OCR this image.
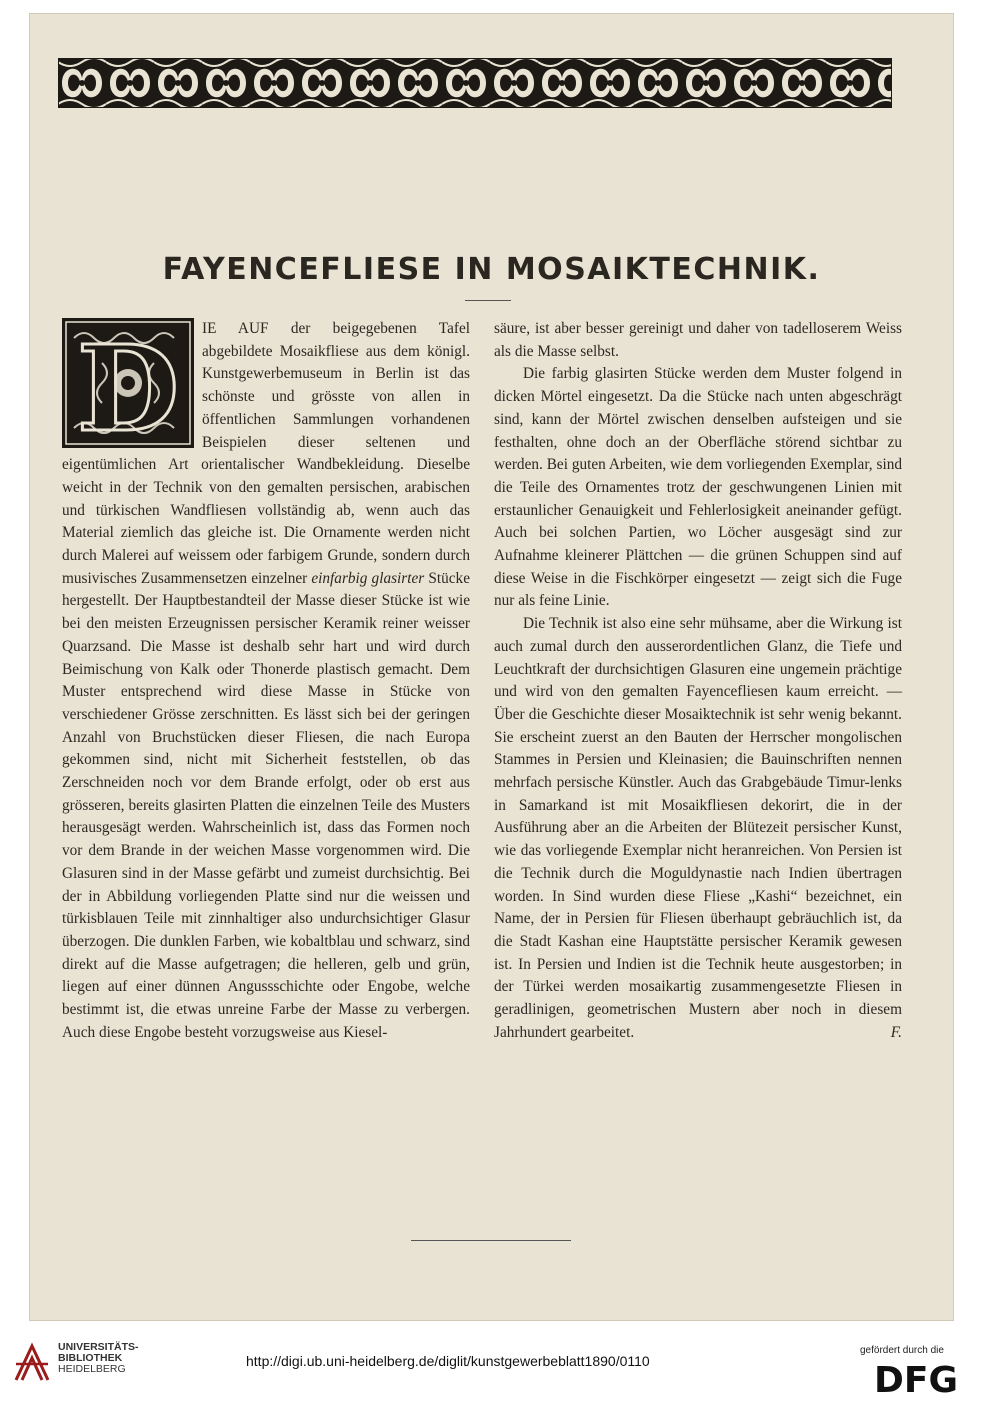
FAYENCEFLIESE IN MOSAIKTECHNIK.
D	IE AUF der beigegebenen Tafel abgebildete Mosaikfliese aus dem königl. Kunstgewerbemuseum in Berlin ist das schönste und grösste von allen in öffentlichen Sammlungen vorhandenen Beispielen dieser seltenen und eigentümlichen Art orientalischer Wandbekleidung. Dieselbe weicht in der Technik von den gemalten persischen, arabischen und türkischen Wandfliesen vollständig ab, wenn auch das Material ziemlich das gleiche ist. Die Ornamente werden nicht durch Malerei auf weissem oder farbigem Grunde, sondern durch musivisches Zusammensetzen einzelner einfarbig glasirter Stücke hergestellt. Der Hauptbestandteil der Masse dieser Stücke ist wie bei den meisten Erzeugnissen persischer Keramik reiner weisser Quarzsand. Die Masse ist deshalb sehr hart und wird durch Beimischung von Kalk oder Thonerde plastisch gemacht. Dem Muster entsprechend wird diese Masse in Stücke von verschiedener Grösse zerschnitten. Es lässt sich bei der geringen Anzahl von Bruchstücken dieser Fliesen, die nach Europa gekommen sind, nicht mit Sicherheit feststellen, ob das Zerschneiden noch vor dem Brande erfolgt, oder ob erst aus grösseren, bereits glasirten Platten die einzelnen Teile des Musters herausgesägt werden. Wahrscheinlich ist, dass das Formen noch vor dem Brande in der weichen Masse vorgenommen wird. Die Glasuren sind in der Masse gefärbt und zumeist durchsichtig. Bei der in Abbildung vorliegenden Platte sind nur die weissen und türkisblauen Teile mit zinnhaltiger also undurchsichtiger Glasur überzogen. Die dunklen Farben, wie kobaltblau und schwarz, sind direkt auf die Masse aufgetragen; die helleren, gelb und grün, liegen auf einer dünnen Angussschichte oder Engobe, welche bestimmt ist, die etwas unreine Farbe der Masse zu verbergen. Auch diese Engobe besteht vorzugsweise aus Kiesel-

säure, ist aber besser gereinigt und daher von tadelloserem Weiss als die Masse selbst.

Die farbig glasirten Stücke werden dem Muster folgend in dicken Mörtel eingesetzt. Da die Stücke nach unten abgeschrägt sind, kann der Mörtel zwischen denselben aufsteigen und sie festhalten, ohne doch an der Oberfläche störend sichtbar zu werden. Bei guten Arbeiten, wie dem vorliegenden Exemplar, sind die Teile des Ornamentes trotz der geschwungenen Linien mit erstaunlicher Genauigkeit und Fehlerlosigkeit aneinander gefügt. Auch bei solchen Partien, wo Löcher ausgesägt sind zur Aufnahme kleinerer Plättchen — die grünen Schuppen sind auf diese Weise in die Fischkörper eingesetzt — zeigt sich die Fuge nur als feine Linie.

Die Technik ist also eine sehr mühsame, aber die Wirkung ist auch zumal durch den ausserordentlichen Glanz, die Tiefe und Leuchtkraft der durchsichtigen Glasuren eine ungemein prächtige und wird von den gemalten Fayencefliesen kaum erreicht. — Über die Geschichte dieser Mosaiktechnik ist sehr wenig bekannt. Sie erscheint zuerst an den Bauten der Herrscher mongolischen Stammes in Persien und Kleinasien; die Bauinschriften nennen mehrfach persische Künstler. Auch das Grabgebäude Timur-lenks in Samarkand ist mit Mosaikfliesen dekorirt, die in der Ausführung aber an die Arbeiten der Blütezeit persischer Kunst, wie das vorliegende Exemplar nicht heranreichen. Von Persien ist die Technik durch die Moguldynastie nach Indien übertragen worden. In Sind wurden diese Fliese „Kashi“ bezeichnet, ein Name, der in Persien für Fliesen überhaupt gebräuchlich ist, da die Stadt Kashan eine Hauptstätte persischer Keramik gewesen ist. In Persien und Indien ist die Technik heute ausgestorben; in der Türkei werden mosaikartig zusammengesetzte Fliesen in geradlinigen, geometrischen Mustern aber noch in diesem Jahrhundert gearbeitet.	F.

UNIVERSITÄTS-
BIBLIOTHEK
HEIDELBERG	http://digi.ub.uni-heidelberg.de/diglit/kunstgewerbeblatt1890/0110
gefördert durch die
DFG
